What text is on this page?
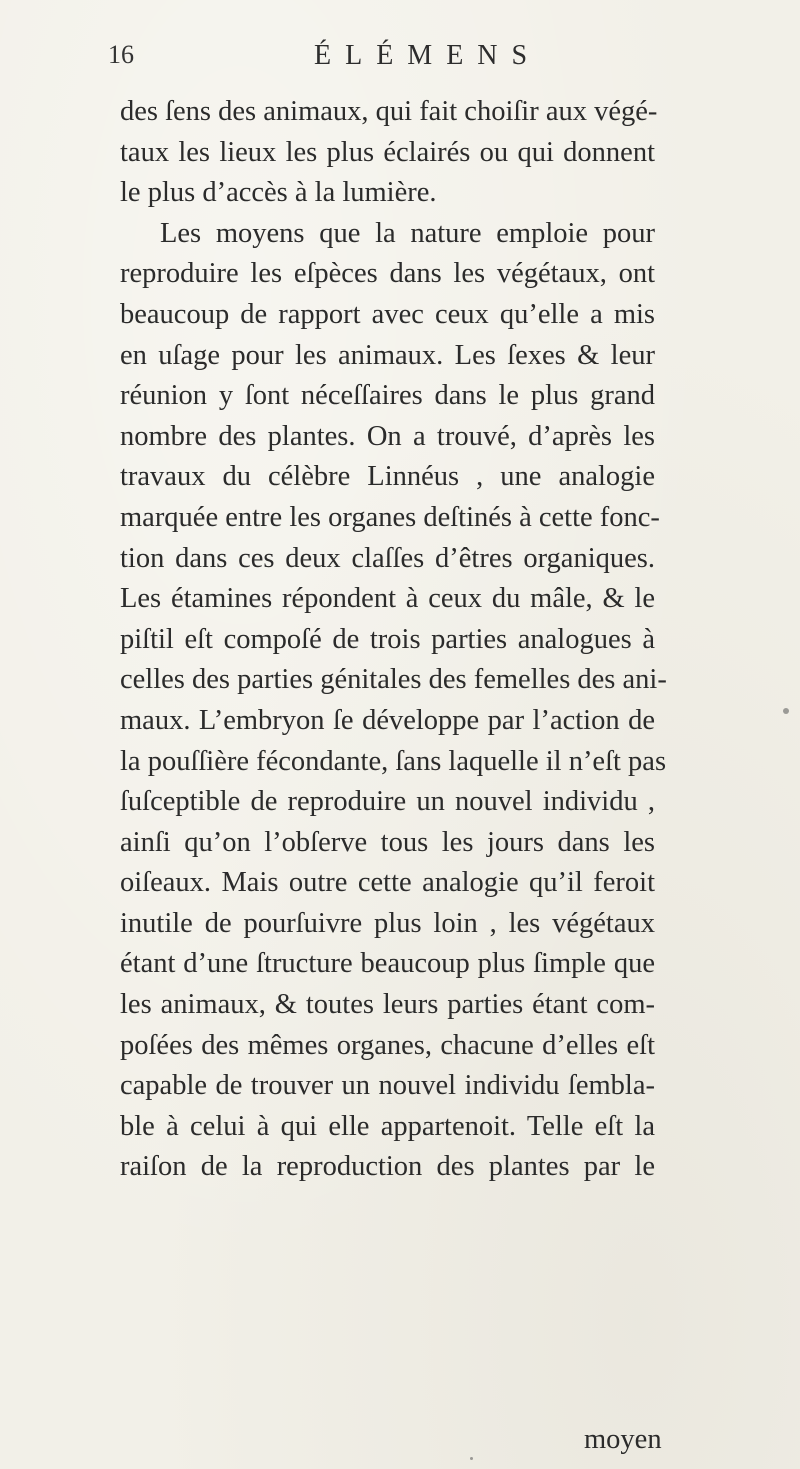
16	ÉLÉMENS
des ſens des animaux, qui fait choiſir aux végé-
taux les lieux les plus éclairés ou qui donnent
le plus d’accès à la lumière.
Les moyens que la nature emploie pour
reproduire les eſpèces dans les végétaux, ont
beaucoup de rapport avec ceux qu’elle a mis
en uſage pour les animaux. Les ſexes & leur
réunion y ſont néceſſaires dans le plus grand
nombre des plantes. On a trouvé, d’après les
travaux du célèbre Linnéus , une analogie
marquée entre les organes deſtinés à cette fonc-
tion dans ces deux claſſes d’êtres organiques.
Les étamines répondent à ceux du mâle, & le
piſtil eſt compoſé de trois parties analogues à
celles des parties génitales des femelles des ani-
maux. L’embryon ſe développe par l’action de
la pouſſière fécondante, ſans laquelle il n’eſt pas
ſuſceptible de reproduire un nouvel individu ,
ainſi qu’on l’obſerve tous les jours dans les
oiſeaux. Mais outre cette analogie qu’il feroit
inutile de pourſuivre plus loin , les végétaux
étant d’une ſtructure beaucoup plus ſimple que
les animaux, & toutes leurs parties étant com-
poſées des mêmes organes, chacune d’elles eſt
capable de trouver un nouvel individu ſembla-
ble à celui à qui elle appartenoit. Telle eſt la
raiſon de la reproduction des plantes par le
moyen
